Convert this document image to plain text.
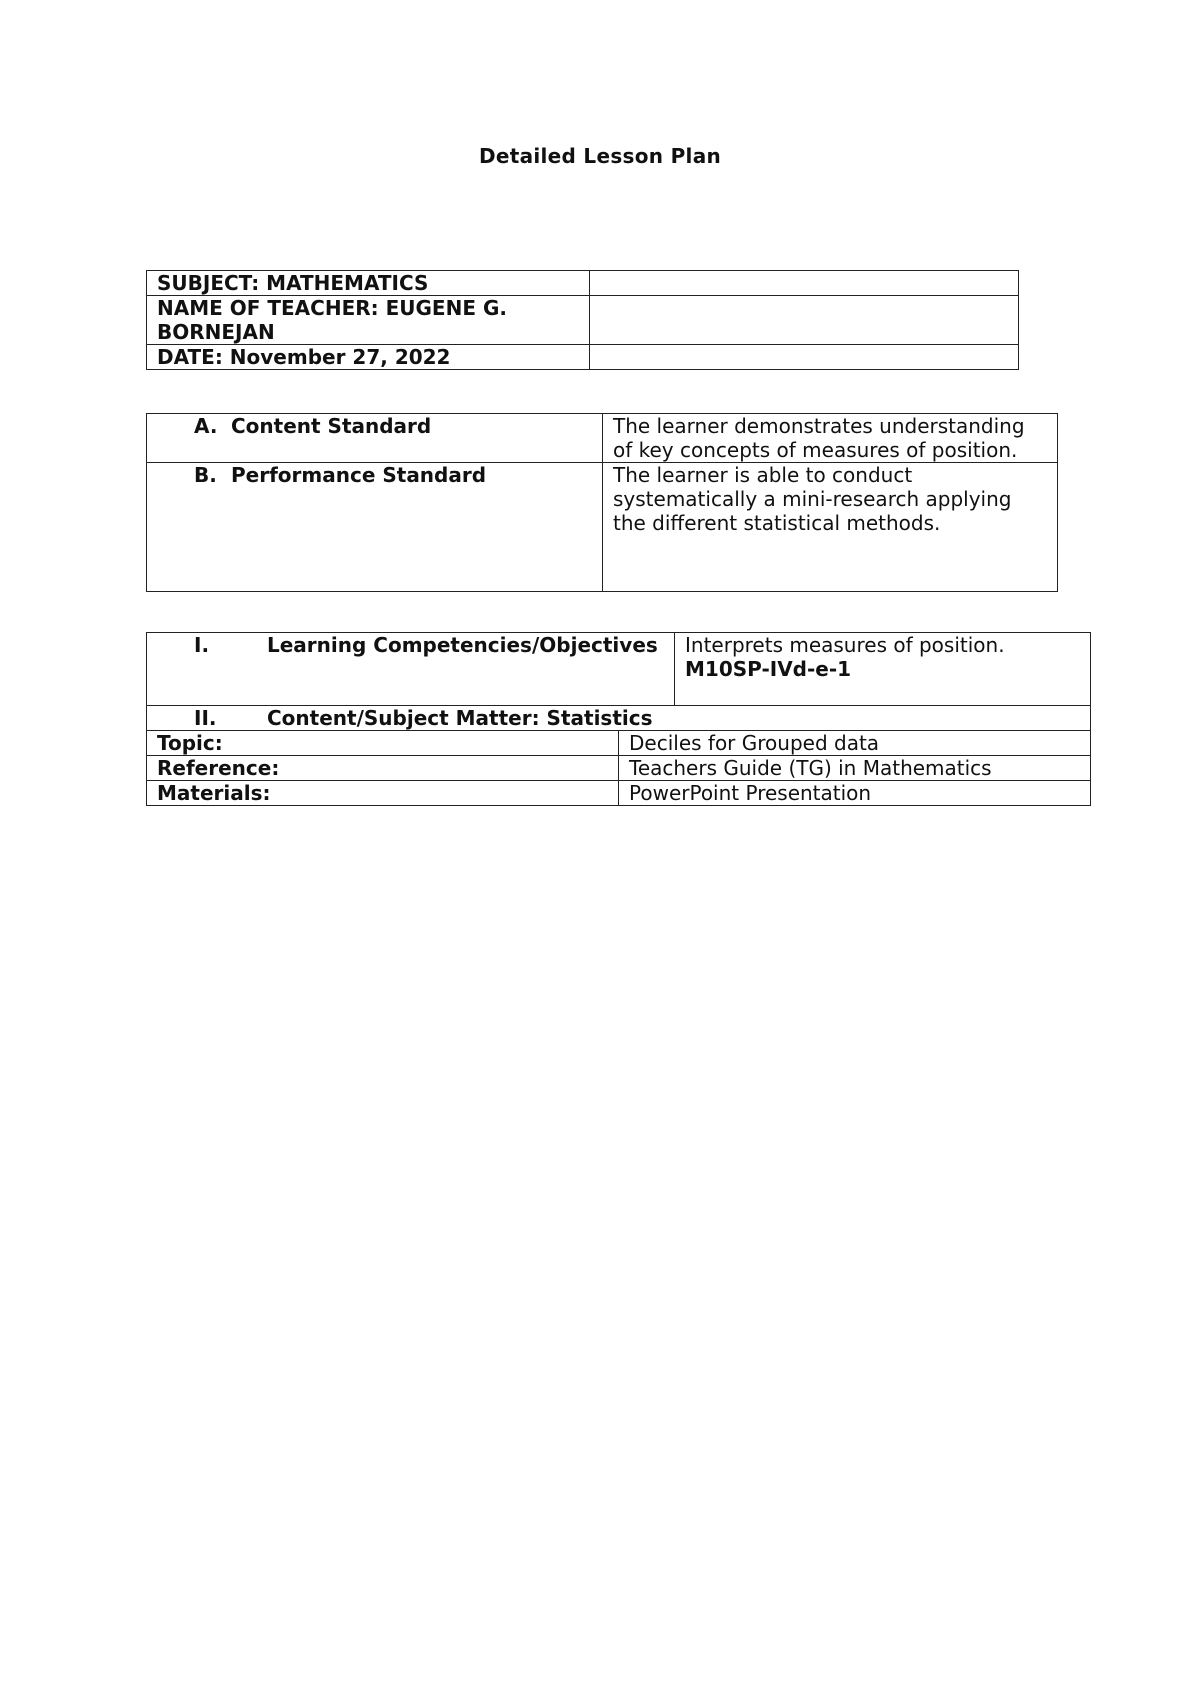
Detailed Lesson Plan
SUBJECT: MATHEMATICS	
NAME OF TEACHER: EUGENE G.
BORNEJAN	
DATE: November 27, 2022	
A. Content Standard	The learner demonstrates understanding of key concepts of measures of position.
B. Performance Standard	The learner is able to conduct systematically a mini-research applying the different statistical methods.
I. Learning Competencies/Objectives		Interprets measures of position.
M10SP-IVd-e-1
II. Content/Subject Matter: Statistics		
Topic:	Deciles for Grouped data	
Reference:	Teachers Guide (TG) in Mathematics	
Materials:	PowerPoint Presentation	
